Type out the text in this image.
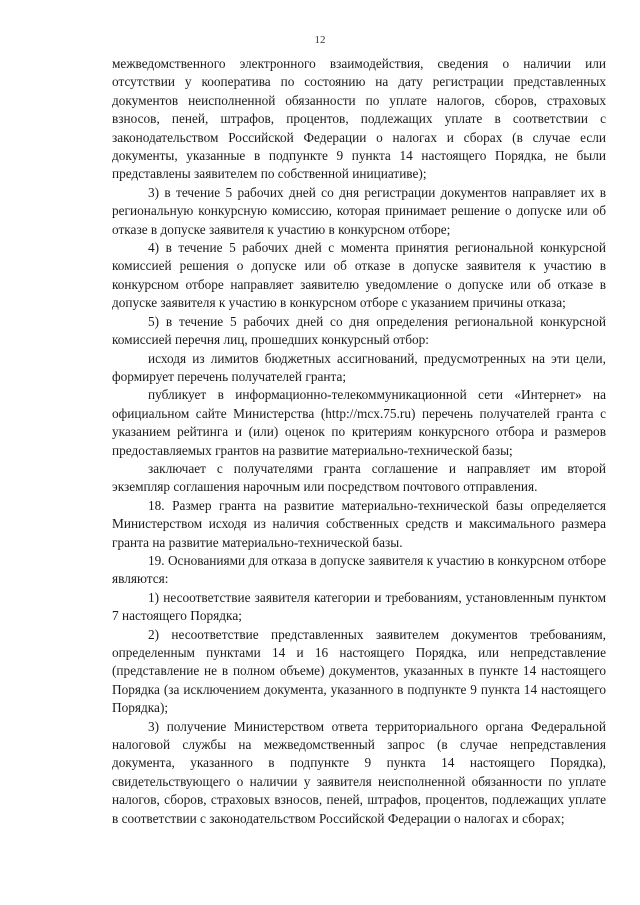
12

межведомственного электронного взаимодействия, сведения о наличии или отсутствии у кооператива по состоянию на дату регистрации представленных документов неисполненной обязанности по уплате налогов, сборов, страховых взносов, пеней, штрафов, процентов, подлежащих уплате в соответствии с законодательством Российской Федерации о налогах и сборах (в случае если документы, указанные в подпункте 9 пункта 14 настоящего Порядка, не были представлены заявителем по собственной инициативе);

3) в течение 5 рабочих дней со дня регистрации документов направляет их в региональную конкурсную комиссию, которая принимает решение о допуске или об отказе в допуске заявителя к участию в конкурсном отборе;

4) в течение 5 рабочих дней с момента принятия региональной конкурсной комиссией решения о допуске или об отказе в допуске заявителя к участию в конкурсном отборе направляет заявителю уведомление о допуске или об отказе в допуске заявителя к участию в конкурсном отборе с указанием причины отказа;

5) в течение 5 рабочих дней со дня определения региональной конкурсной комиссией перечня лиц, прошедших конкурсный отбор:

исходя из лимитов бюджетных ассигнований, предусмотренных на эти цели, формирует перечень получателей гранта;

публикует в информационно-телекоммуникационной сети «Интернет» на официальном сайте Министерства (http://mcx.75.ru) перечень получателей гранта с указанием рейтинга и (или) оценок по критериям конкурсного отбора и размеров предоставляемых грантов на развитие материально-технической базы;

заключает с получателями гранта соглашение и направляет им второй экземпляр соглашения нарочным или посредством почтового отправления.

18. Размер гранта на развитие материально-технической базы определяется Министерством исходя из наличия собственных средств и максимального размера гранта на развитие материально-технической базы.

19. Основаниями для отказа в допуске заявителя к участию в конкурсном отборе являются:

1) несоответствие заявителя категории и требованиям, установленным пунктом 7 настоящего Порядка;

2) несоответствие представленных заявителем документов требованиям, определенным пунктами 14 и 16 настоящего Порядка, или непредставление (представление не в полном объеме) документов, указанных в пункте 14 настоящего Порядка (за исключением документа, указанного в подпункте 9 пункта 14 настоящего Порядка);

3) получение Министерством ответа территориального органа Федеральной налоговой службы на межведомственный запрос (в случае непредставления документа, указанного в подпункте 9 пункта 14 настоящего Порядка), свидетельствующего о наличии у заявителя неисполненной обязанности по уплате налогов, сборов, страховых взносов, пеней, штрафов, процентов, подлежащих уплате в соответствии с законодательством Российской Федерации о налогах и сборах;
